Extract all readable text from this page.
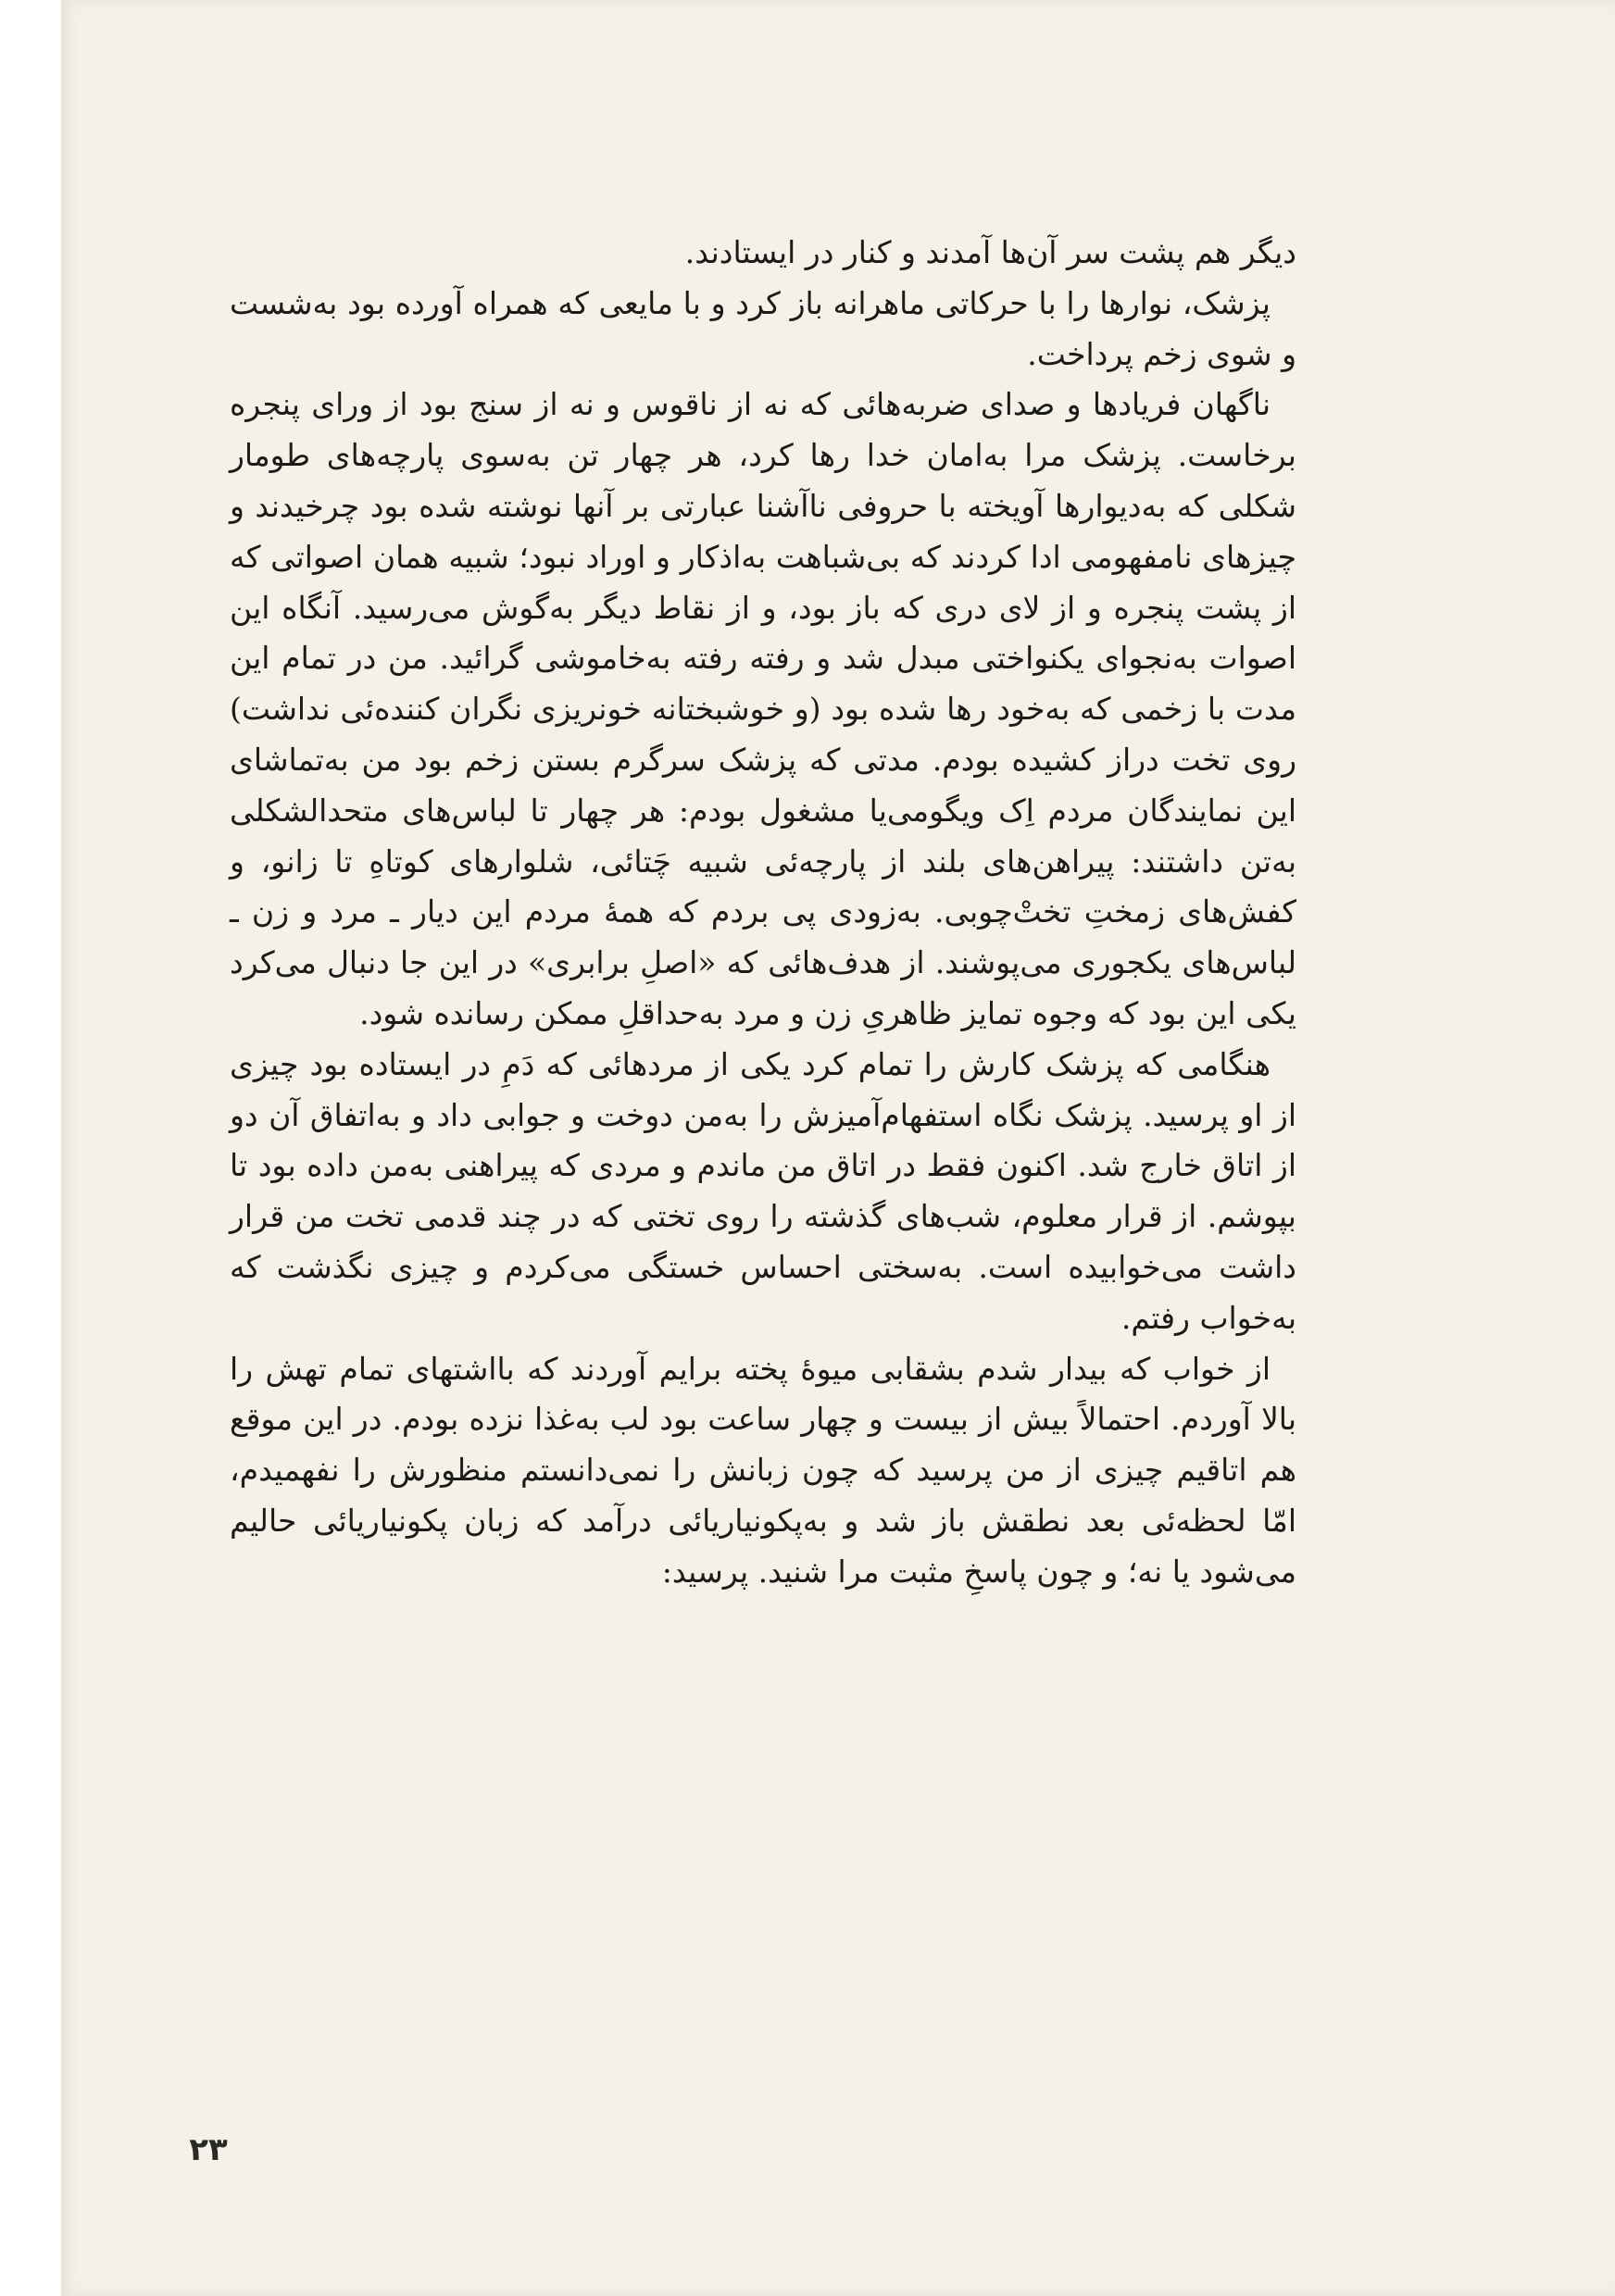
دیگر هم پشت سر آن‌ها آمدند و کنار در ایستادند.

پزشک، نوارها را با حرکاتی ماهرانه باز کرد و با مایعی که همراه آورده بود به‌شست و شوی زخم پرداخت.

ناگهان فریادها و صدای ضربه‌هائی که نه از ناقوس و نه از سنج بود از ورای پنجره برخاست. پزشک مرا به‌امان خدا رها کرد، هر چهار تن به‌سوی پارچه‌های طومار شکلی که به‌دیوارها آویخته با حروفی ناآشنا عبارتی بر آنها نوشته شده بود چرخیدند و چیزهای نامفهومی ادا کردند که بی‌شباهت به‌اذکار و اوراد نبود؛ شبیه همان اصواتی که از پشت پنجره و از لای دری که باز بود، و از نقاط دیگر به‌گوش می‌رسید. آنگاه این اصوات به‌نجوای یکنواختی مبدل شد و رفته رفته به‌خاموشی گرائید. من در تمام این مدت با زخمی که به‌خود رها شده بود (و خوشبختانه خونریزی نگران کننده‌ئی نداشت) روی تخت دراز کشیده بودم. مدتی که پزشک سرگرم بستن زخم بود من به‌تماشای این نمایندگان مردم اِک ویگومی‌یا مشغول بودم: هر چهار تا لباس‌های متحدالشکلی به‌تن داشتند: پیراهن‌های بلند از پارچه‌ئی شبیه چَتائی، شلوارهای کوتاهِ تا زانو، و کفش‌های زمختِ تختْ‌چوبی. به‌زودی پی بردم که همهٔ مردم این دیار ـ مرد و زن ـ لباس‌های یکجوری می‌پوشند. از هدف‌هائی که «اصلِ برابری» در این جا دنبال می‌کرد یکی این بود که وجوه تمایز ظاهریِ زن و مرد به‌حداقلِ ممکن رسانده شود.

هنگامی که پزشک کارش را تمام کرد یکی از مردهائی که دَمِ در ایستاده بود چیزی از او پرسید. پزشک نگاه استفهام‌آمیزش را به‌من دوخت و جوابی داد و به‌اتفاق آن دو از اتاق خارج شد. اکنون فقط در اتاق من ماندم و مردی که پیراهنی به‌من داده بود تا بپوشم. از قرار معلوم، شب‌های گذشته را روی تختی که در چند قدمی تخت من قرار داشت می‌خوابیده است. به‌سختی احساس خستگی می‌کردم و چیزی نگذشت که به‌خواب رفتم.

از خواب که بیدار شدم بشقابی میوهٔ پخته برایم آوردند که بااشتهای تمام تهش را بالا آوردم. احتمالاً بیش از بیست و چهار ساعت بود لب به‌غذا نزده بودم. در این موقع هم اتاقیم چیزی از من پرسید که چون زبانش را نمی‌دانستم منظورش را نفهمیدم، امّا لحظه‌ئی بعد نطقش باز شد و به‌پکونیاریائی درآمد که زبان پکونیاریائی حالیم می‌شود یا نه؛ و چون پاسخِ مثبت مرا شنید. پرسید:

۲۳
